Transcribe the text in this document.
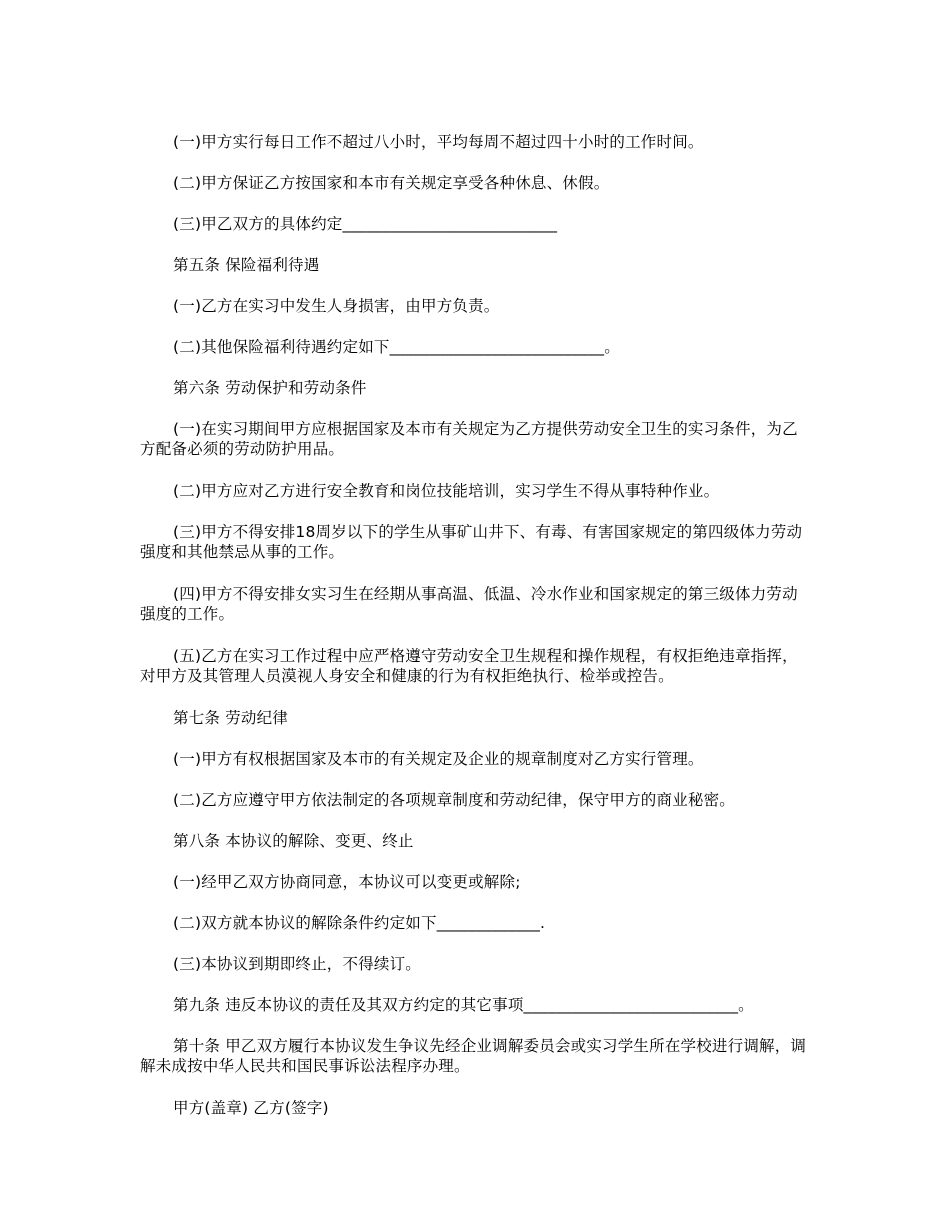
(一)甲方实行每日工作不超过八小时，平均每周不超过四十小时的工作时间。
(二)甲方保证乙方按国家和本市有关规定享受各种休息、休假。
(三)甲乙双方的具体约定___________________________
第五条 保险福利待遇
(一)乙方在实习中发生人身损害，由甲方负责。
(二)其他保险福利待遇约定如下___________________________。
第六条 劳动保护和劳动条件
(一)在实习期间甲方应根据国家及本市有关规定为乙方提供劳动安全卫生的实习条件，为乙方配备必须的劳动防护用品。
(二)甲方应对乙方进行安全教育和岗位技能培训，实习学生不得从事特种作业。
(三)甲方不得安排18周岁以下的学生从事矿山井下、有毒、有害国家规定的第四级体力劳动强度和其他禁忌从事的工作。
(四)甲方不得安排女实习生在经期从事高温、低温、冷水作业和国家规定的第三级体力劳动强度的工作。
(五)乙方在实习工作过程中应严格遵守劳动安全卫生规程和操作规程，有权拒绝违章指挥，对甲方及其管理人员漠视人身安全和健康的行为有权拒绝执行、检举或控告。
第七条 劳动纪律
(一)甲方有权根据国家及本市的有关规定及企业的规章制度对乙方实行管理。
(二)乙方应遵守甲方依法制定的各项规章制度和劳动纪律，保守甲方的商业秘密。
第八条 本协议的解除、变更、终止
(一)经甲乙双方协商同意，本协议可以变更或解除;
(二)双方就本协议的解除条件约定如下_____________.
(三)本协议到期即终止，不得续订。
第九条 违反本协议的责任及其双方约定的其它事项___________________________。
第十条 甲乙双方履行本协议发生争议先经企业调解委员会或实习学生所在学校进行调解，调解未成按中华人民共和国民事诉讼法程序办理。
甲方(盖章) 乙方(签字)
